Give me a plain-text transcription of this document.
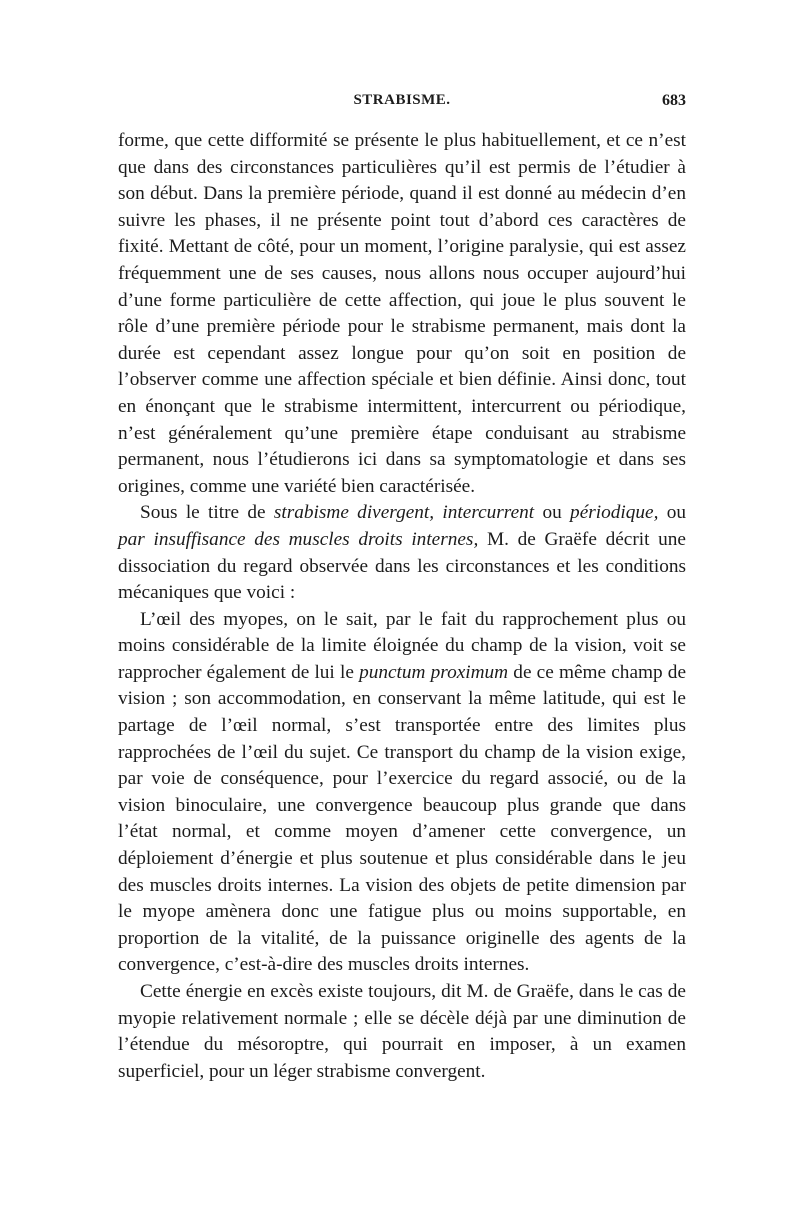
STRABISME.	683

forme, que cette difformité se présente le plus habituellement, et ce n’est que dans des circonstances particulières qu’il est permis de l’étudier à son début. Dans la première période, quand il est donné au médecin d’en suivre les phases, il ne présente point tout d’abord ces caractères de fixité. Mettant de côté, pour un moment, l’origine paralysie, qui est assez fréquemment une de ses causes, nous allons nous occuper aujourd’hui d’une forme particulière de cette affection, qui joue le plus souvent le rôle d’une première période pour le strabisme permanent, mais dont la durée est cependant assez longue pour qu’on soit en position de l’observer comme une affection spéciale et bien définie. Ainsi donc, tout en énonçant que le strabisme intermittent, intercurrent ou périodique, n’est généralement qu’une première étape conduisant au strabisme permanent, nous l’étudierons ici dans sa symptomatologie et dans ses origines, comme une variété bien caractérisée.

Sous le titre de strabisme divergent, intercurrent ou périodique, ou par insuffisance des muscles droits internes, M. de Graëfe décrit une dissociation du regard observée dans les circonstances et les conditions mécaniques que voici :

L’œil des myopes, on le sait, par le fait du rapprochement plus ou moins considérable de la limite éloignée du champ de la vision, voit se rapprocher également de lui le punctum proximum de ce même champ de vision ; son accommodation, en conservant la même latitude, qui est le partage de l’œil normal, s’est transportée entre des limites plus rapprochées de l’œil du sujet. Ce transport du champ de la vision exige, par voie de conséquence, pour l’exercice du regard associé, ou de la vision binoculaire, une convergence beaucoup plus grande que dans l’état normal, et comme moyen d’amener cette convergence, un déploiement d’énergie et plus soutenue et plus considérable dans le jeu des muscles droits internes. La vision des objets de petite dimension par le myope amènera donc une fatigue plus ou moins supportable, en proportion de la vitalité, de la puissance originelle des agents de la convergence, c’est-à-dire des muscles droits internes.

Cette énergie en excès existe toujours, dit M. de Graëfe, dans le cas de myopie relativement normale ; elle se décèle déjà par une diminution de l’étendue du mésoroptre, qui pourrait en imposer, à un examen superficiel, pour un léger strabisme convergent.
